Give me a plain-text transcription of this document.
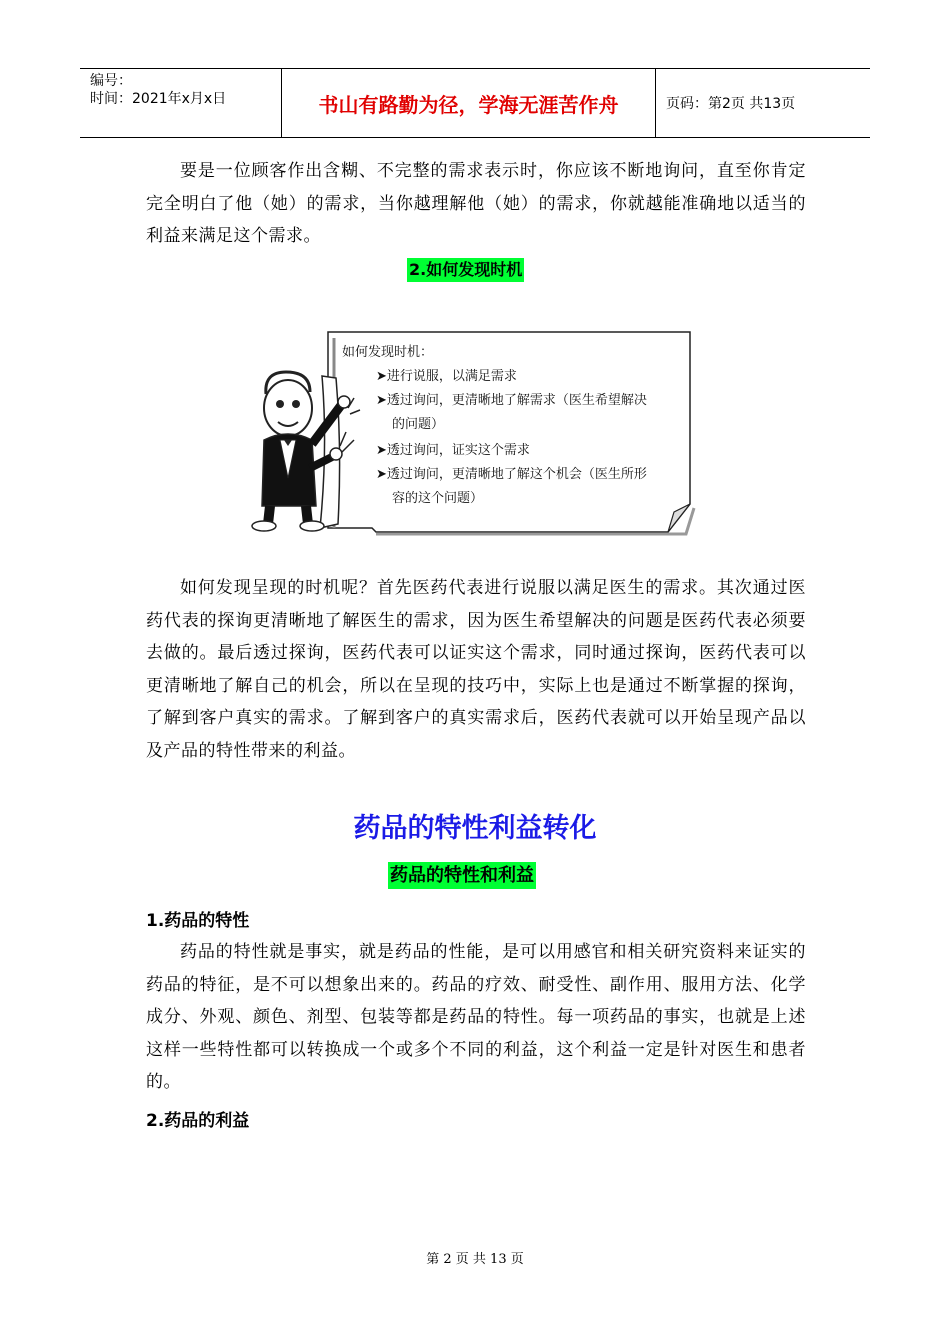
编号：
时间：2021年x月x日	书山有路勤为径，学海无涯苦作舟	页码：第2页 共13页
要是一位顾客作出含糊、不完整的需求表示时，你应该不断地询问，直至你肯定完全明白了他（她）的需求，当你越理解他（她）的需求，你就越能准确地以适当的利益来满足这个需求。
2.如何发现时机
如何发现时机：
➤进行说服，以满足需求
➤透过询问，更清晰地了解需求（医生希望解决
的问题）
➤透过询问，证实这个需求
➤透过询问，更清晰地了解这个机会（医生所形
容的这个问题）
如何发现呈现的时机呢？首先医药代表进行说服以满足医生的需求。其次通过医药代表的探询更清晰地了解医生的需求，因为医生希望解决的问题是医药代表必须要去做的。最后透过探询，医药代表可以证实这个需求，同时通过探询，医药代表可以更清晰地了解自己的机会，所以在呈现的技巧中，实际上也是通过不断掌握的探询，了解到客户真实的需求。了解到客户的真实需求后，医药代表就可以开始呈现产品以及产品的特性带来的利益。
药品的特性利益转化
药品的特性和利益
1.药品的特性
药品的特性就是事实，就是药品的性能，是可以用感官和相关研究资料来证实的药品的特征，是不可以想象出来的。药品的疗效、耐受性、副作用、服用方法、化学成分、外观、颜色、剂型、包装等都是药品的特性。每一项药品的事实，也就是上述这样一些特性都可以转换成一个或多个不同的利益，这个利益一定是针对医生和患者的。
2.药品的利益
第 2 页 共 13 页
